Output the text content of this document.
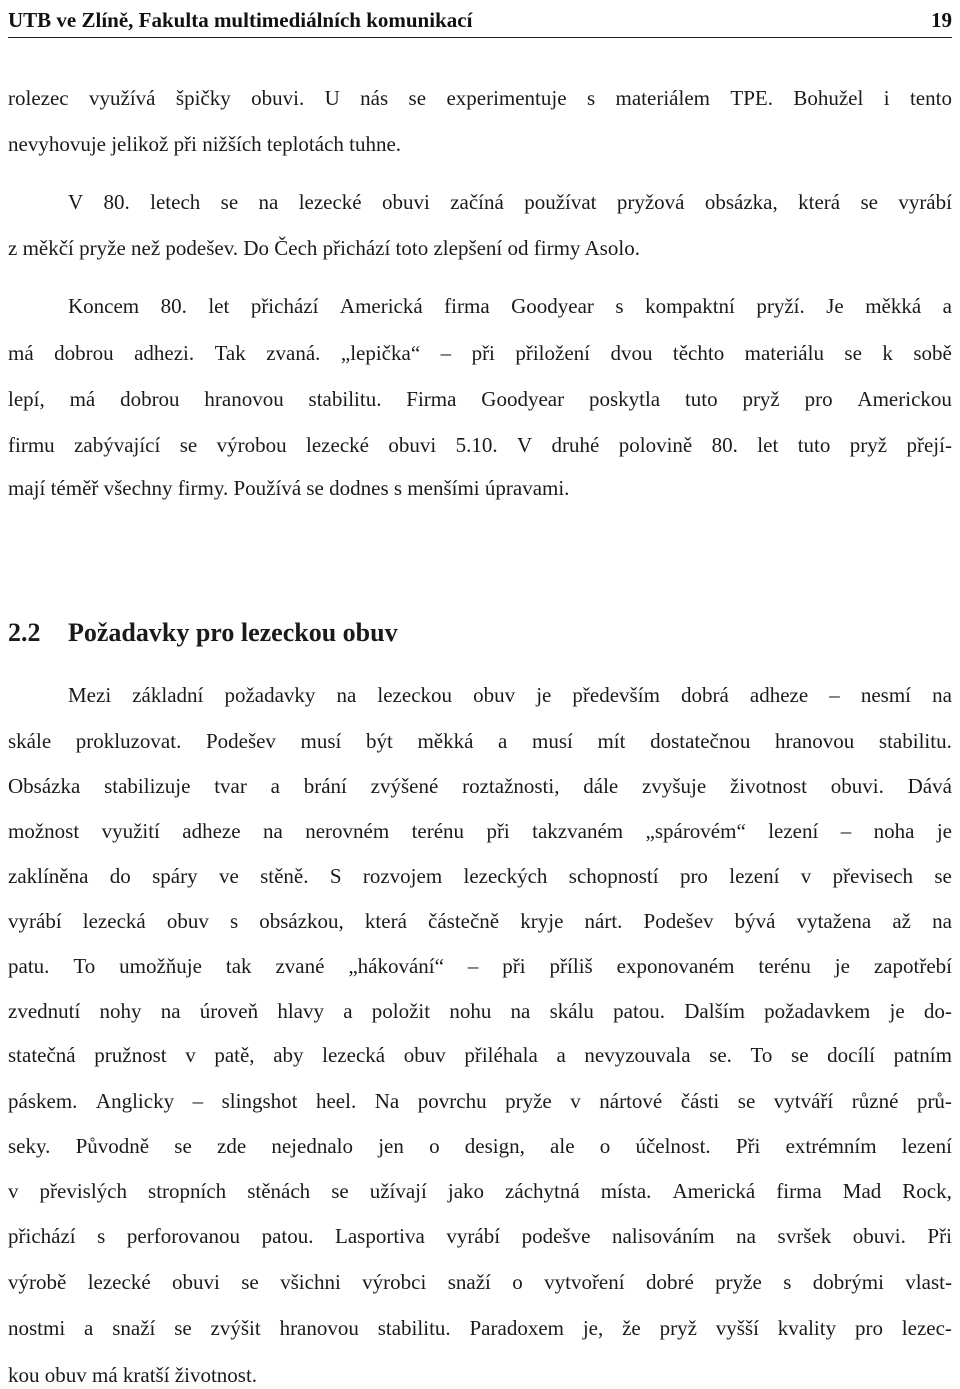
UTB ve Zlíně, Fakulta multimediálních komunikací	19
rolezec využívá špičky obuvi. U nás se experimentuje s materiálem TPE. Bohužel i tento
nevyhovuje jelikož při nižších teplotách tuhne.
V 80. letech se na lezecké obuvi začíná používat pryžová obsázka, která se vyrábí
z měkčí pryže než podešev. Do Čech přichází toto zlepšení od firmy Asolo.
Koncem 80. let přichází Americká firma Goodyear s kompaktní pryží. Je měkká a
má dobrou adhezi. Tak zvaná. „lepička“ – při přiložení dvou těchto materiálu se k sobě
lepí, má dobrou hranovou stabilitu. Firma Goodyear poskytla tuto pryž pro Americkou
firmu zabývající se výrobou lezecké obuvi 5.10. V druhé polovině 80. let tuto pryž přejí-
mají téměř všechny firmy. Používá se dodnes s menšími úpravami.
Mezi základní požadavky na lezeckou obuv je především dobrá adheze – nesmí na
skále prokluzovat. Podešev musí být měkká a musí mít dostatečnou hranovou stabilitu.
Obsázka stabilizuje tvar a brání zvýšené roztažnosti, dále zvyšuje životnost obuvi. Dává
možnost využití adheze na nerovném terénu při takzvaném „spárovém“ lezení – noha je
zaklíněna do spáry ve stěně. S rozvojem lezeckých schopností pro lezení v převisech se
vyrábí lezecká obuv s obsázkou, která částečně kryje nárt. Podešev bývá vytažena až na
patu. To umožňuje tak zvané „hákování“ – při příliš exponovaném terénu je zapotřebí
zvednutí nohy na úroveň hlavy a položit nohu na skálu patou. Dalším požadavkem je do-
statečná pružnost v patě, aby lezecká obuv přiléhala a nevyzouvala se. To se docílí patním
páskem. Anglicky – slingshot heel. Na povrchu pryže v nártové části se vytváří různé prů-
seky. Původně se zde nejednalo jen o design, ale o účelnost. Při extrémním lezení
v převislých stropních stěnách se užívají jako záchytná místa. Americká firma Mad Rock,
přichází s perforovanou patou. Lasportiva vyrábí podešve nalisováním na svršek obuvi. Při
výrobě lezecké obuvi se všichni výrobci snaží o vytvoření dobré pryže s dobrými vlast-
nostmi a snaží se zvýšit hranovou stabilitu. Paradoxem je, že pryž vyšší kvality pro lezec-
kou obuv má kratší životnost.
2.2 Požadavky pro lezeckou obuv
